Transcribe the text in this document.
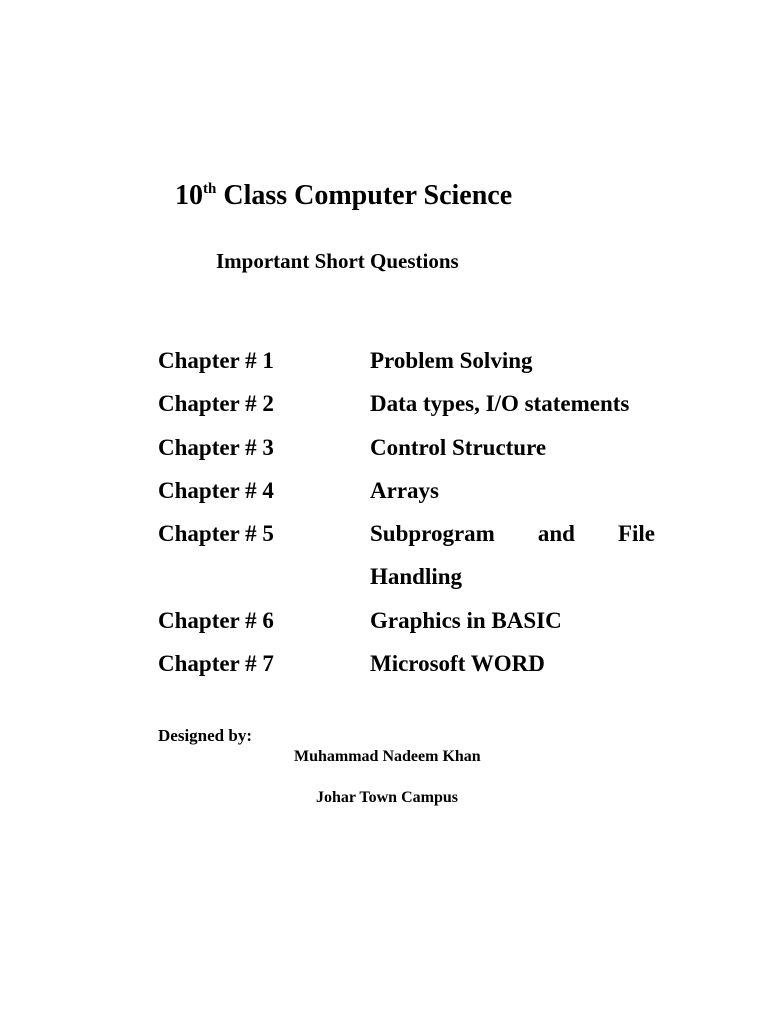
10th Class Computer Science
Important Short Questions
Chapter # 1	Problem Solving
Chapter # 2	Data types, I/O statements
Chapter # 3	Control Structure
Chapter # 4	Arrays
Chapter # 5	Subprogram and File Handling
Chapter # 6	Graphics in BASIC
Chapter # 7	Microsoft WORD
Designed by:
Muhammad Nadeem Khan
Johar Town Campus
